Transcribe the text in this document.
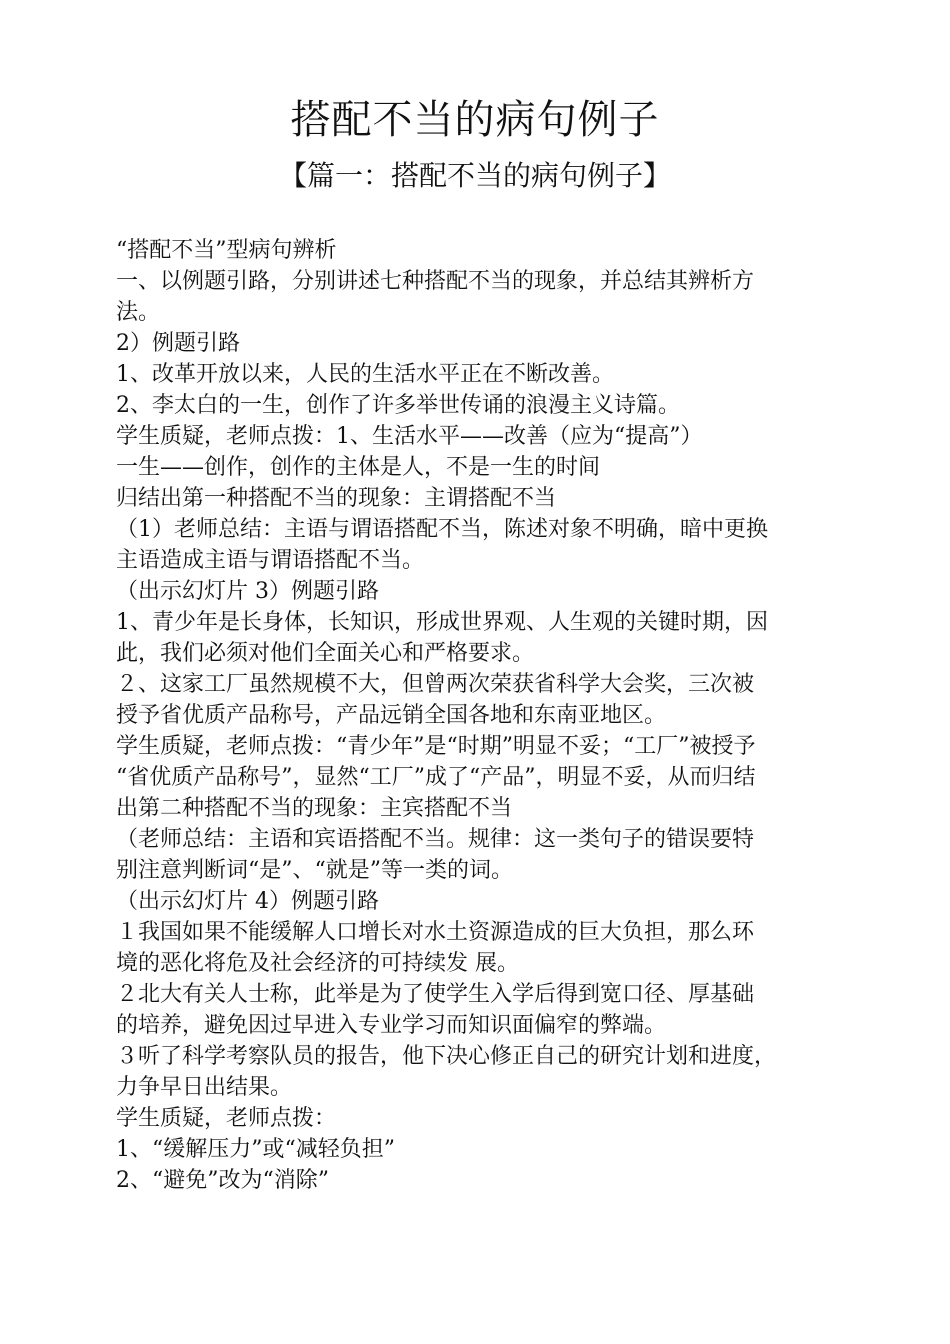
搭配不当的病句例子
【篇一：搭配不当的病句例子】
“搭配不当”型病句辨析
一、以例题引路，分别讲述七种搭配不当的现象，并总结其辨析方
法。
2）例题引路
1、改革开放以来，人民的生活水平正在不断改善。
2、李太白的一生，创作了许多举世传诵的浪漫主义诗篇。
学生质疑，老师点拨：1、生活水平——改善（应为“提高”）
一生——创作，创作的主体是人，不是一生的时间
归结出第一种搭配不当的现象：主谓搭配不当
（1）老师总结：主语与谓语搭配不当，陈述对象不明确，暗中更换
主语造成主语与谓语搭配不当。
（出示幻灯片 3）例题引路
1、青少年是长身体，长知识，形成世界观、人生观的关键时期，因
此，我们必须对他们全面关心和严格要求。
２、这家工厂虽然规模不大，但曾两次荣获省科学大会奖，三次被
授予省优质产品称号，产品远销全国各地和东南亚地区。
学生质疑，老师点拨：“青少年”是“时期”明显不妥；“工厂”被授予
“省优质产品称号”，显然“工厂”成了“产品”，明显不妥，从而归结
出第二种搭配不当的现象：主宾搭配不当
（老师总结：主语和宾语搭配不当。规律：这一类句子的错误要特
别注意判断词“是”、“就是”等一类的词。
（出示幻灯片 4）例题引路
１我国如果不能缓解人口增长对水土资源造成的巨大负担，那么环
境的恶化将危及社会经济的可持续发 展。
２北大有关人士称，此举是为了使学生入学后得到宽口径、厚基础
的培养，避免因过早进入专业学习而知识面偏窄的弊端。
３听了科学考察队员的报告，他下决心修正自己的研究计划和进度，
力争早日出结果。
学生质疑，老师点拨：
1、“缓解压力”或“减轻负担”
2、“避免”改为“消除”
